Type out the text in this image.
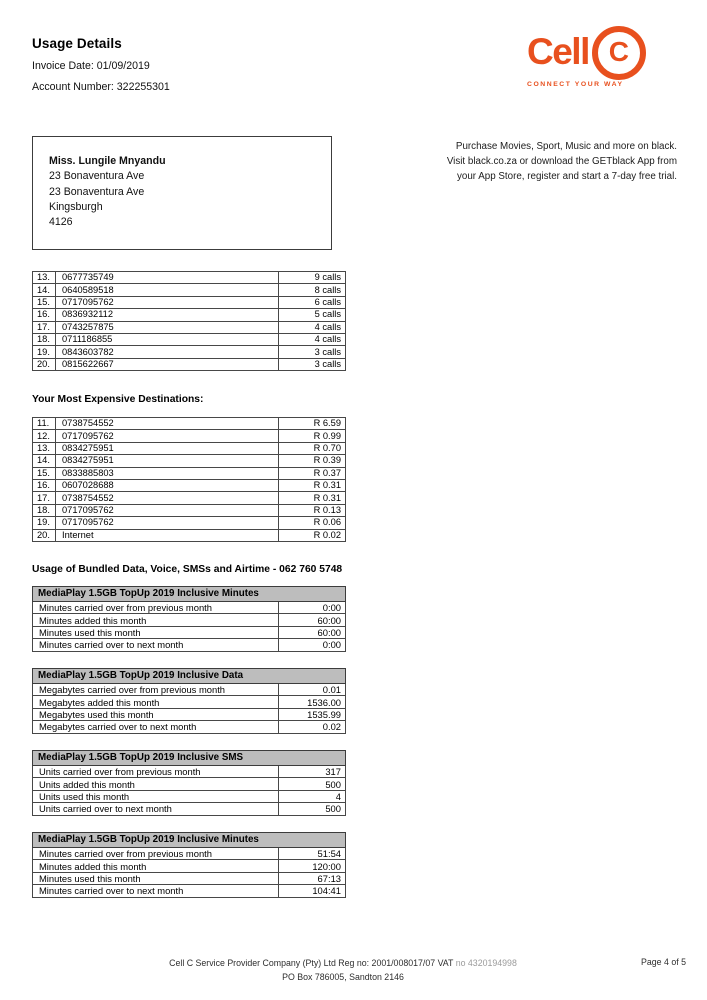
Usage Details
Invoice Date: 01/09/2019
Account Number: 322255301
Cell C
CONNECT YOUR WAY
Miss. Lungile Mnyandu
23 Bonaventura Ave
23 Bonaventura Ave
Kingsburgh
4126
Purchase Movies, Sport, Music and more on black.
Visit black.co.za or download the GETblack App from
your App Store, register and start a 7-day free trial.
13.	0677735749	9 calls
14.	0640589518	8 calls
15.	0717095762	6 calls
16.	0836932112	5 calls
17.	0743257875	4 calls
18.	0711186855	4 calls
19.	0843603782	3 calls
20.	0815622667	3 calls
Your Most Expensive Destinations:
11.	0738754552	R 6.59
12.	0717095762	R 0.99
13.	0834275951	R 0.70
14.	0834275951	R 0.39
15.	0833885803	R 0.37
16.	0607028688	R 0.31
17.	0738754552	R 0.31
18.	0717095762	R 0.13
19.	0717095762	R 0.06
20.	Internet	R 0.02
Usage of Bundled Data, Voice, SMSs and Airtime - 062 760 5748
MediaPlay 1.5GB TopUp 2019 Inclusive Minutes	
Minutes carried over from previous month	0:00
Minutes added this month	60:00
Minutes used this month	60:00
Minutes carried over to next month	0:00
MediaPlay 1.5GB TopUp 2019 Inclusive Data	
Megabytes carried over from previous month	0.01
Megabytes added this month	1536.00
Megabytes used this month	1535.99
Megabytes carried over to next month	0.02
MediaPlay 1.5GB TopUp 2019 Inclusive SMS	
Units carried over from previous month	317
Units added this month	500
Units used this month	4
Units carried over to next month	500
MediaPlay 1.5GB TopUp 2019 Inclusive Minutes	
Minutes carried over from previous month	51:54
Minutes added this month	120:00
Minutes used this month	67:13
Minutes carried over to next month	104:41
Cell C Service Provider Company (Pty) Ltd Reg no: 2001/008017/07 VAT no 4320194998
PO Box 786005, Sandton 2146
Page 4 of 5
